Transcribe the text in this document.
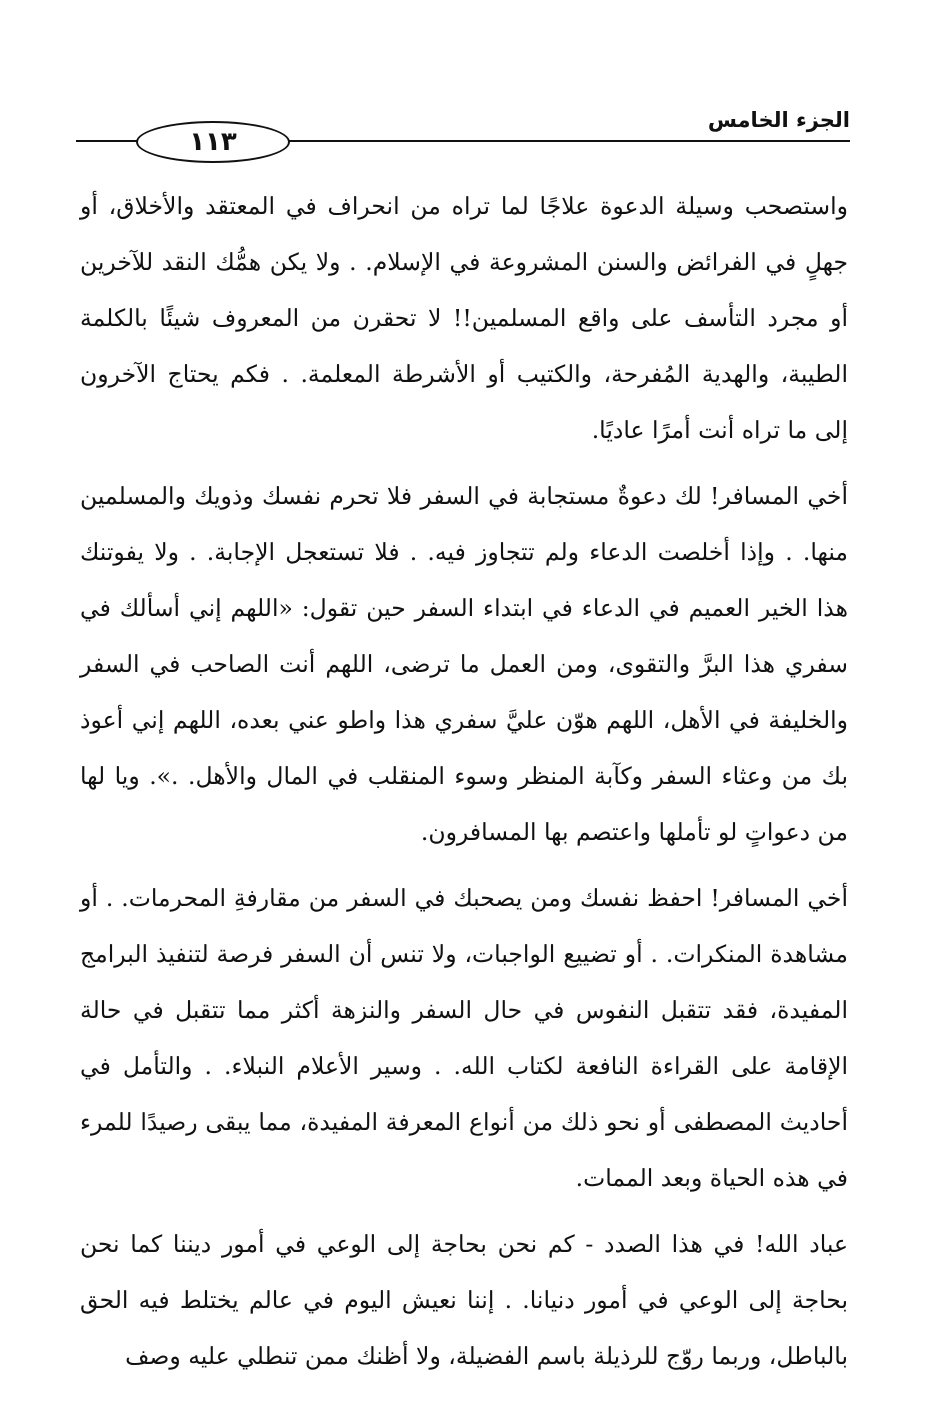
١١٣
الجزء الخامس

واستصحب وسيلة الدعوة علاجًا لما تراه من انحراف في المعتقد والأخلاق، أو جهلٍ في الفرائض والسنن المشروعة في الإسلام. . ولا يكن همُّك النقد للآخرين أو مجرد التأسف على واقع المسلمين!! لا تحقرن من المعروف شيئًا بالكلمة الطيبة، والهدية المُفرحة، والكتيب أو الأشرطة المعلمة. . فكم يحتاج الآخرون إلى ما تراه أنت أمرًا عاديًا.

أخي المسافر! لك دعوةٌ مستجابة في السفر فلا تحرم نفسك وذويك والمسلمين منها. . وإذا أخلصت الدعاء ولم تتجاوز فيه. . فلا تستعجل الإجابة. . ولا يفوتنك هذا الخير العميم في الدعاء في ابتداء السفر حين تقول: «اللهم إني أسألك في سفري هذا البرَّ والتقوى، ومن العمل ما ترضى، اللهم أنت الصاحب في السفر والخليفة في الأهل، اللهم هوّن عليَّ سفري هذا واطو عني بعده، اللهم إني أعوذ بك من وعثاء السفر وكآبة المنظر وسوء المنقلب في المال والأهل. .». ويا لها من دعواتٍ لو تأملها واعتصم بها المسافرون.

أخي المسافر! احفظ نفسك ومن يصحبك في السفر من مقارفةِ المحرمات. . أو مشاهدة المنكرات. . أو تضييع الواجبات، ولا تنس أن السفر فرصة لتنفيذ البرامج المفيدة، فقد تتقبل النفوس في حال السفر والنزهة أكثر مما تتقبل في حالة الإقامة على القراءة النافعة لكتاب الله. . وسير الأعلام النبلاء. . والتأمل في أحاديث المصطفى أو نحو ذلك من أنواع المعرفة المفيدة، مما يبقى رصيدًا للمرء في هذه الحياة وبعد الممات.

عباد الله! في هذا الصدد - كم نحن بحاجة إلى الوعي في أمور ديننا كما نحن بحاجة إلى الوعي في أمور دنيانا. . إننا نعيش اليوم في عالم يختلط فيه الحق بالباطل، وربما روّج للرذيلة باسم الفضيلة، ولا أظنك ممن تنطلي عليه وصف
